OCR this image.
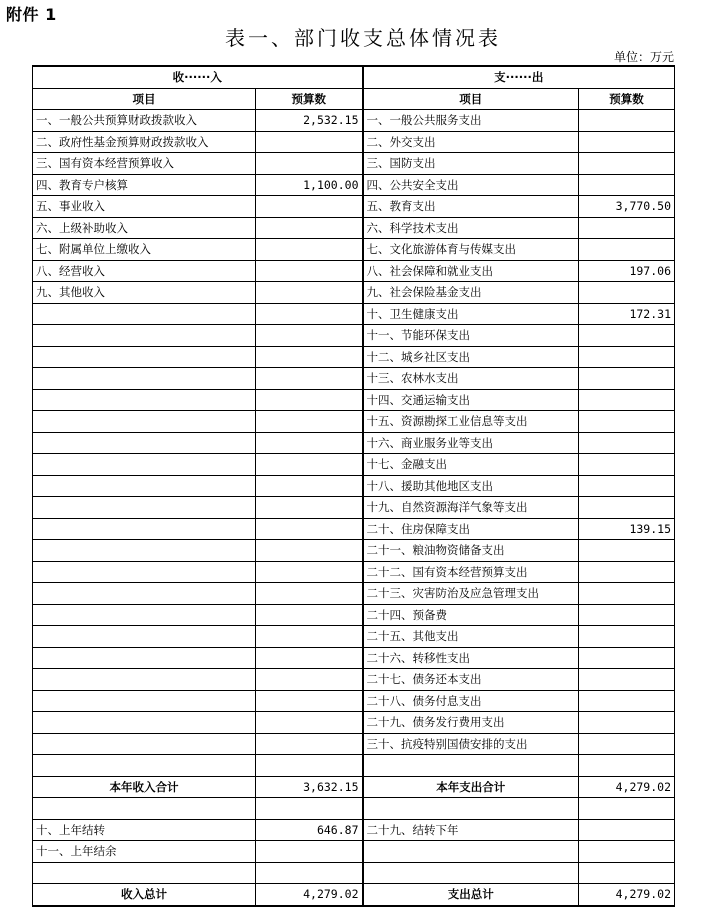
附件 1
表一、部门收支总体情况表
单位：万元
收······入		支······出	
项目	预算数	项目	预算数
一、一般公共预算财政拨款收入	2,532.15	一、一般公共服务支出	
二、政府性基金预算财政拨款收入		二、外交支出	
三、国有资本经营预算收入		三、国防支出	
四、教育专户核算	1,100.00	四、公共安全支出	
五、事业收入		五、教育支出	3,770.50
六、上级补助收入		六、科学技术支出	
七、附属单位上缴收入		七、文化旅游体育与传媒支出	
八、经营收入		八、社会保障和就业支出	197.06
九、其他收入		九、社会保险基金支出	
		十、卫生健康支出	172.31
		十一、节能环保支出	
		十二、城乡社区支出	
		十三、农林水支出	
		十四、交通运输支出	
		十五、资源勘探工业信息等支出	
		十六、商业服务业等支出	
		十七、金融支出	
		十八、援助其他地区支出	
		十九、自然资源海洋气象等支出	
		二十、住房保障支出	139.15
		二十一、粮油物资储备支出	
		二十二、国有资本经营预算支出	
		二十三、灾害防治及应急管理支出	
		二十四、预备费	
		二十五、其他支出	
		二十六、转移性支出	
		二十七、债务还本支出	
		二十八、债务付息支出	
		二十九、债务发行费用支出	
		三十、抗疫特别国债安排的支出	

本年收入合计	3,632.15	本年支出合计	4,279.02

十、上年结转	646.87	二十九、结转下年	
十一、上年结余			

收入总计	4,279.02	支出总计	4,279.02
